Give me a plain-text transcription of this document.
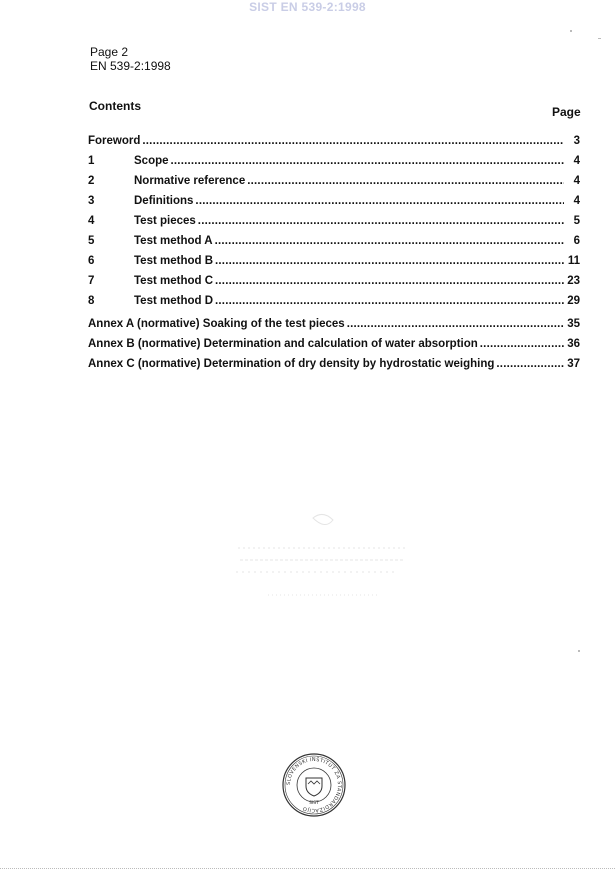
SIST EN 539-2:1998
Page 2
EN 539-2:1998
Contents	Page
Foreword .....	3
1	Scope .....	4
2	Normative reference .....	4
3	Definitions .....	4
4	Test pieces .....	5
5	Test method A .....	6
6	Test method B .....	11
7	Test method C .....	23
8	Test method D .....	29
Annex A (normative) Soaking of the test pieces .....	35
Annex B (normative) Determination and calculation of water absorption .....	36
Annex C (normative) Determination of dry density by hydrostatic weighing .....	37
SLOVENSKI INŠTITUT ZA STANDARDIZACIJO
SIST
